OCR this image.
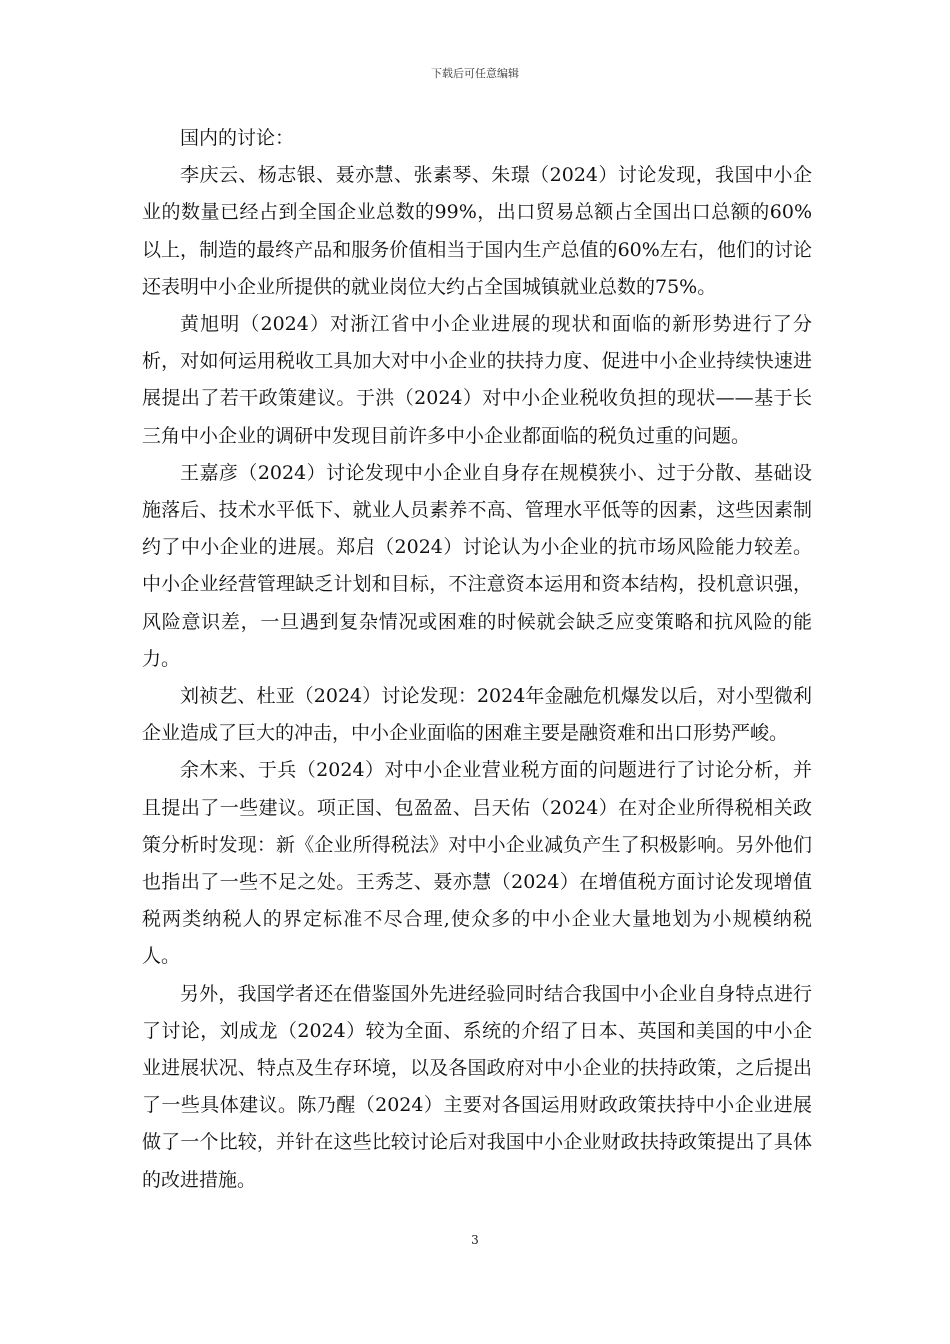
下载后可任意编辑

国内的讨论：

李庆云、杨志银、聂亦慧、张素琴、朱璟（2024）讨论发现，我国中小企业的数量已经占到全国企业总数的99%，出口贸易总额占全国出口总额的60%以上，制造的最终产品和服务价值相当于国内生产总值的60%左右，他们的讨论还表明中小企业所提供的就业岗位大约占全国城镇就业总数的75%。

黄旭明（2024）对浙江省中小企业进展的现状和面临的新形势进行了分析，对如何运用税收工具加大对中小企业的扶持力度、促进中小企业持续快速进展提出了若干政策建议。于洪（2024）对中小企业税收负担的现状——基于长三角中小企业的调研中发现目前许多中小企业都面临的税负过重的问题。

王嘉彦（2024）讨论发现中小企业自身存在规模狭小、过于分散、基础设施落后、技术水平低下、就业人员素养不高、管理水平低等的因素，这些因素制约了中小企业的进展。郑启（2024）讨论认为小企业的抗市场风险能力较差。中小企业经营管理缺乏计划和目标，不注意资本运用和资本结构，投机意识强，风险意识差，一旦遇到复杂情况或困难的时候就会缺乏应变策略和抗风险的能力。

刘祯艺、杜亚（2024）讨论发现：2024年金融危机爆发以后，对小型微利企业造成了巨大的冲击，中小企业面临的困难主要是融资难和出口形势严峻。

余木来、于兵（2024）对中小企业营业税方面的问题进行了讨论分析，并且提出了一些建议。项正国、包盈盈、吕天佑（2024）在对企业所得税相关政策分析时发现：新《企业所得税法》对中小企业减负产生了积极影响。另外他们也指出了一些不足之处。王秀芝、聂亦慧（2024）在增值税方面讨论发现增值税两类纳税人的界定标准不尽合理,使众多的中小企业大量地划为小规模纳税人。

另外，我国学者还在借鉴国外先进经验同时结合我国中小企业自身特点进行了讨论，刘成龙（2024）较为全面、系统的介绍了日本、英国和美国的中小企业进展状况、特点及生存环境，以及各国政府对中小企业的扶持政策，之后提出了一些具体建议。陈乃醒（2024）主要对各国运用财政政策扶持中小企业进展做了一个比较，并针在这些比较讨论后对我国中小企业财政扶持政策提出了具体的改进措施。

3
